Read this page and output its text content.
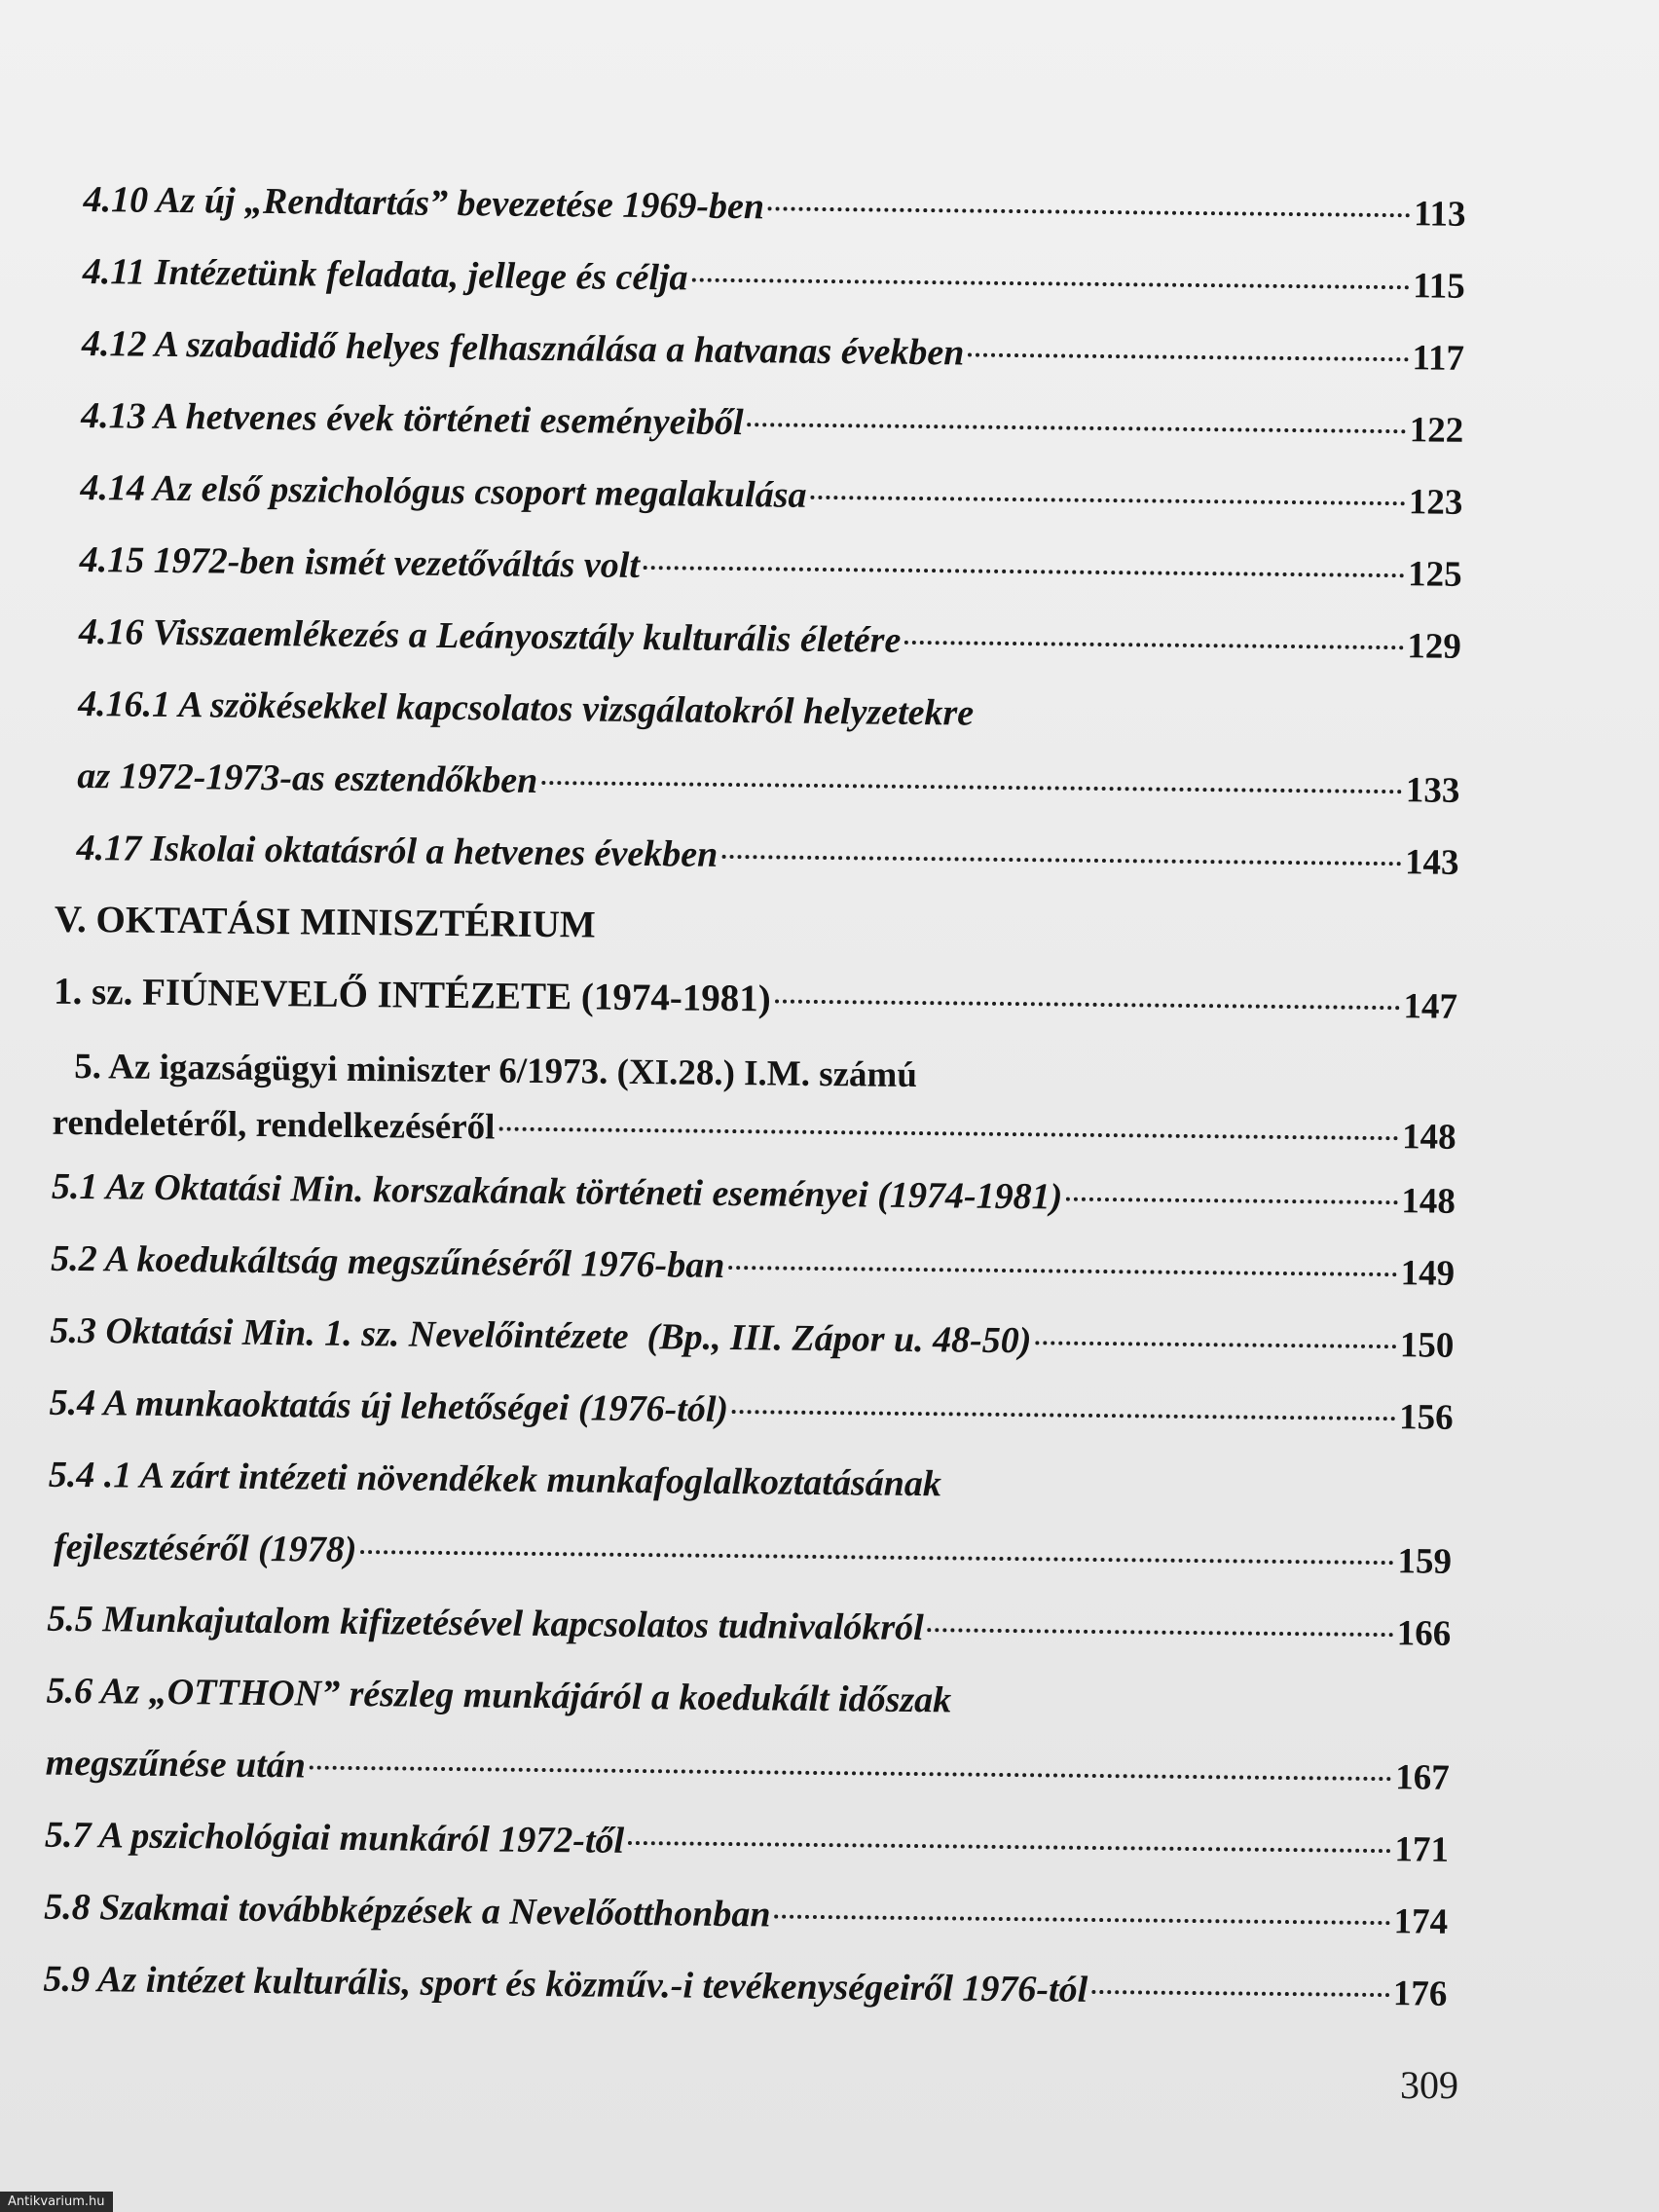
4.10 Az új „Rendtartás” bevezetése 1969-ben	113
4.11 Intézetünk feladata, jellege és célja	115
4.12 A szabadidő helyes felhasználása a hatvanas években	117
4.13 A hetvenes évek történeti eseményeiből	122
4.14 Az első pszichológus csoport megalakulása	123
4.15 1972-ben ismét vezetőváltás volt	125
4.16 Visszaemlékezés a Leányosztály kulturális életére	129
4.16.1 A szökésekkel kapcsolatos vizsgálatokról helyzetekre
az 1972-1973-as esztendőkben	133
4.17 Iskolai oktatásról a hetvenes években	143
V. OKTATÁSI MINISZTÉRIUM
1. sz. FIÚNEVELŐ INTÉZETE (1974-1981)	147
5. Az igazságügyi miniszter 6/1973. (XI.28.) I.M. számú
rendeletéről, rendelkezéséről	148
5.1 Az Oktatási Min. korszakának történeti eseményei (1974-1981)	148
5.2 A koedukáltság megszűnéséről 1976-ban	149
5.3 Oktatási Min. 1. sz. Nevelőintézete  (Bp., III. Zápor u. 48-50)	150
5.4 A munkaoktatás új lehetőségei (1976-tól)	156
5.4 .1 A zárt intézeti növendékek munkafoglalkoztatásának
fejlesztéséről (1978)	159
5.5 Munkajutalom kifizetésével kapcsolatos tudnivalókról	166
5.6 Az „OTTHON” részleg munkájáról a koedukált időszak
megszűnése után	167
5.7 A pszichológiai munkáról 1972-től	171
5.8 Szakmai továbbképzések a Nevelőotthonban	174
5.9 Az intézet kulturális, sport és közműv.-i tevékenységeiről 1976-tól	176
309
Antikvarium.hu
